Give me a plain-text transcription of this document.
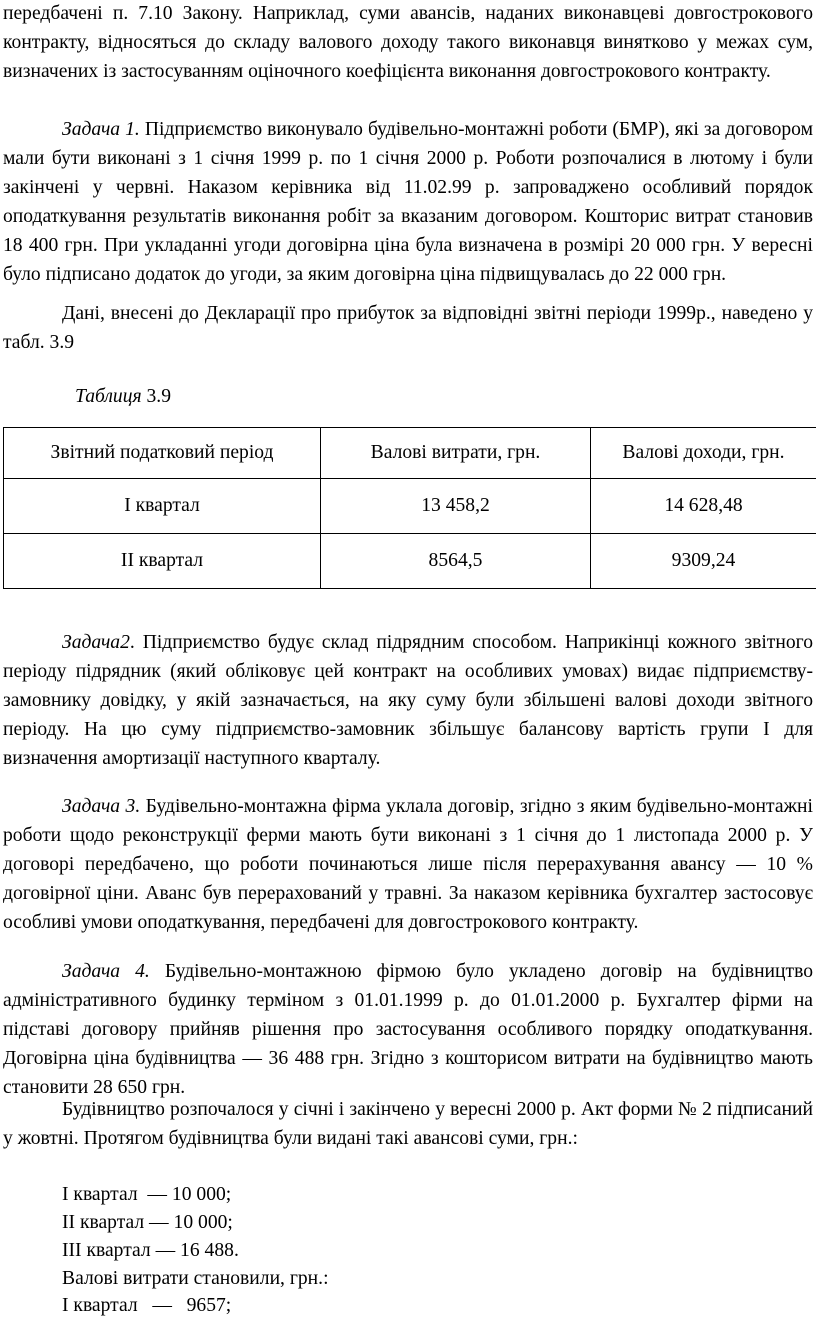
передбачені п. 7.10 Закону. Наприклад, суми авансів, наданих виконавцеві довгострокового контракту, відносяться до складу валового доходу такого виконавця винятково у межах сум, визначених із застосуванням оціночного коефіцієнта виконання довгострокового контракту.

Задача 1. Підприємство виконувало будівельно-монтажні роботи (БМР), які за договором мали бути виконані з 1 січня 1999 р. по 1 січня 2000 р. Роботи розпочалися в лютому і були закінчені у червні. Наказом керівника від 11.02.99 р. запроваджено особливий порядок оподаткування результатів виконання робіт за вказаним договором. Кошторис витрат становив 18 400 грн. При укладанні угоди договірна ціна була визначена в розмірі 20 000 грн. У вересні було підписано додаток до угоди, за яким договірна ціна підвищувалась до 22 000 грн.

Дані, внесені до Декларації про прибуток за відповідні звітні періоди 1999р., наведено у табл. 3.9

Таблиця 3.9
Звітний податковий період	Валові витрати, грн.	Валові доходи, грн.
І квартал	13 458,2	14 628,48
ІІ квартал	8564,5	9309,24

Задача2. Підприємство будує склад підрядним способом. Наприкінці кожного звітного періоду підрядник (який обліковує цей контракт на особливих умовах) видає підприємству-замовнику довідку, у якій зазначається, на яку суму були збільшені валові доходи звітного періоду. На цю суму підприємство-замовник збільшує балансову вартість групи І для визначення амортизації наступного кварталу.

Задача 3. Будівельно-монтажна фірма уклала договір, згідно з яким будівельно-монтажні роботи щодо реконструкції ферми мають бути виконані з 1 січня до 1 листопада 2000 р. У договорі передбачено, що роботи починаються лише після перерахування авансу — 10 % договірної ціни. Аванс був перерахований у травні. За наказом керівника бухгалтер застосовує особливі умови оподаткування, передбачені для довгострокового контракту.

Задача 4. Будівельно-монтажною фірмою було укладено договір на будівництво адміністративного будинку терміном з 01.01.1999 р. до 01.01.2000 р. Бухгалтер фірми на підставі договору прийняв рішення про застосування особливого порядку оподаткування. Договірна ціна будівництва — 36 488 грн. Згідно з кошторисом витрати на будівництво мають становити 28 650 грн.

Будівництво розпочалося у січні і закінчено у вересні 2000 р. Акт форми № 2 підписаний у жовтні. Протягом будівництва були видані такі авансові суми, грн.:

І квартал  — 10 000;
ІІ квартал — 10 000;
ІІІ квартал — 16 488.
Валові витрати становили, грн.:
І квартал   —   9657;
